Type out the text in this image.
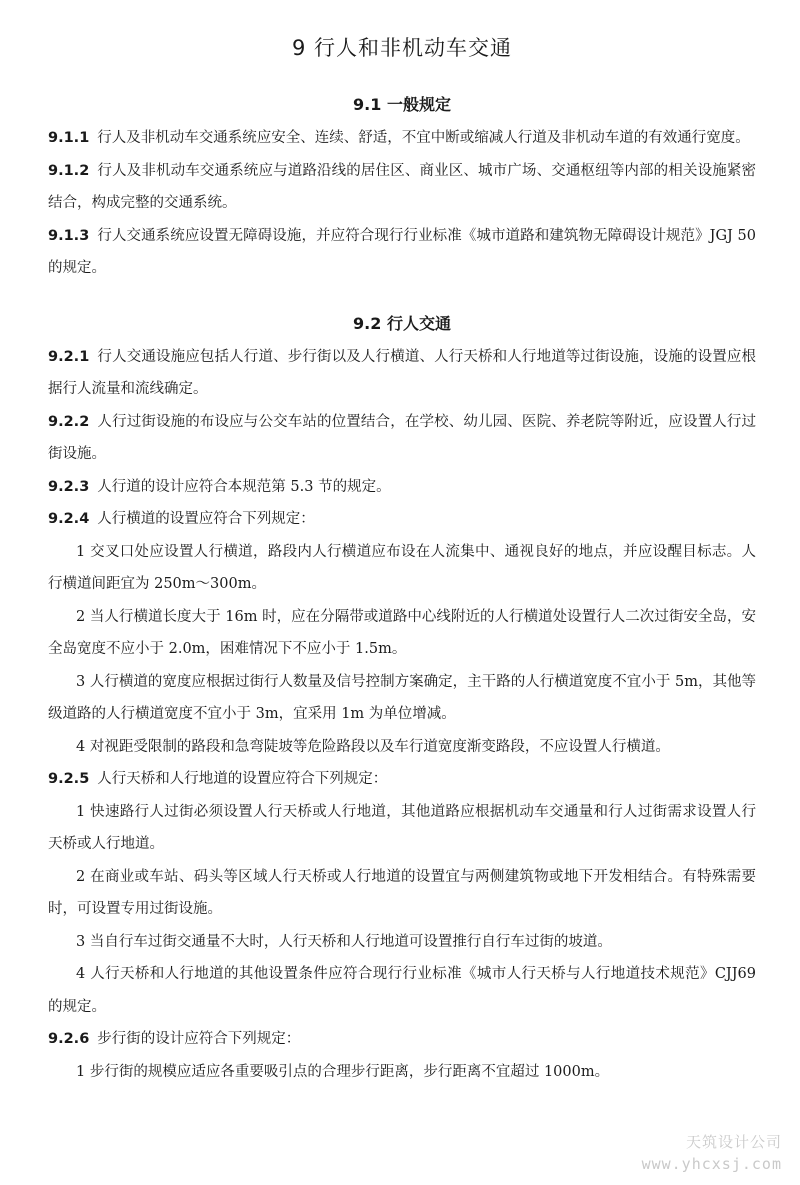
9 行人和非机动车交通
9.1 一般规定

9.1.1 行人及非机动车交通系统应安全、连续、舒适，不宜中断或缩减人行道及非机动车道的有效通行宽度。

9.1.2 行人及非机动车交通系统应与道路沿线的居住区、商业区、城市广场、交通枢纽等内部的相关设施紧密结合，构成完整的交通系统。

9.1.3 行人交通系统应设置无障碍设施，并应符合现行行业标准《城市道路和建筑物无障碍设计规范》JGJ 50 的规定。

9.2 行人交通

9.2.1 行人交通设施应包括人行道、步行街以及人行横道、人行天桥和人行地道等过街设施，设施的设置应根据行人流量和流线确定。

9.2.2 人行过街设施的布设应与公交车站的位置结合，在学校、幼儿园、医院、养老院等附近，应设置人行过街设施。

9.2.3 人行道的设计应符合本规范第 5.3 节的规定。

9.2.4 人行横道的设置应符合下列规定：

1 交叉口处应设置人行横道，路段内人行横道应布设在人流集中、通视良好的地点，并应设醒目标志。人行横道间距宜为 250m～300m。

2 当人行横道长度大于 16m 时，应在分隔带或道路中心线附近的人行横道处设置行人二次过街安全岛，安全岛宽度不应小于 2.0m，困难情况下不应小于 1.5m。

3 人行横道的宽度应根据过街行人数量及信号控制方案确定，主干路的人行横道宽度不宜小于 5m，其他等级道路的人行横道宽度不宜小于 3m，宜采用 1m 为单位增减。

4 对视距受限制的路段和急弯陡坡等危险路段以及车行道宽度渐变路段，不应设置人行横道。

9.2.5 人行天桥和人行地道的设置应符合下列规定：

1 快速路行人过街必须设置人行天桥或人行地道，其他道路应根据机动车交通量和行人过街需求设置人行天桥或人行地道。

2 在商业或车站、码头等区域人行天桥或人行地道的设置宜与两侧建筑物或地下开发相结合。有特殊需要时，可设置专用过街设施。

3 当自行车过街交通量不大时，人行天桥和人行地道可设置推行自行车过街的坡道。

4 人行天桥和人行地道的其他设置条件应符合现行行业标准《城市人行天桥与人行地道技术规范》CJJ69 的规定。

9.2.6 步行街的设计应符合下列规定：

1 步行街的规模应适应各重要吸引点的合理步行距离，步行距离不宜超过 1000m。

天筑设计公司
www.yhcxsj.com
